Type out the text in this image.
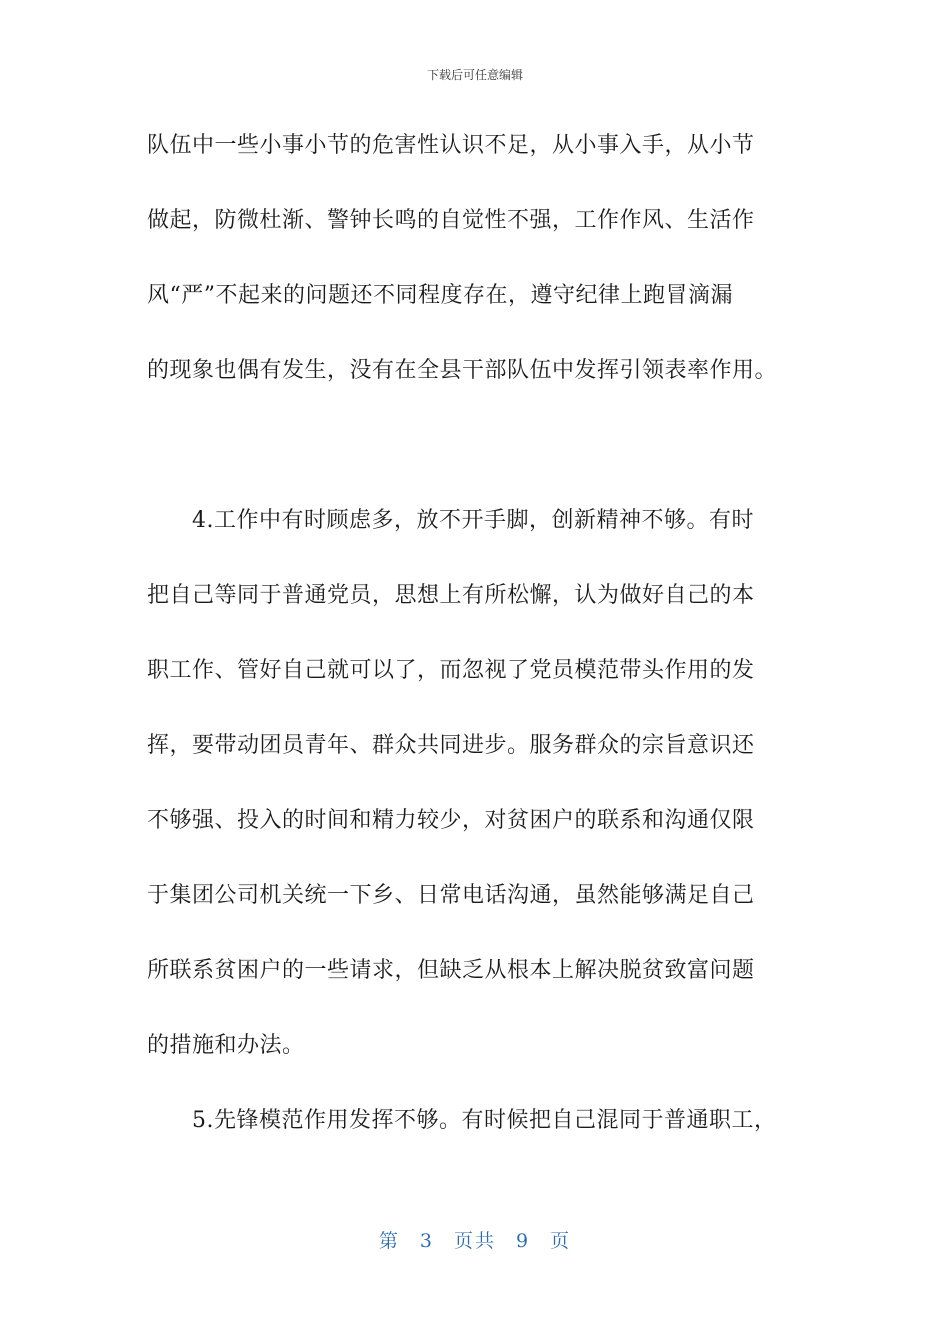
下载后可任意编辑
队伍中一些小事小节的危害性认识不足，从小事入手，从小节
做起，防微杜渐、警钟长鸣的自觉性不强，工作作风、生活作
风“严”不起来的问题还不同程度存在，遵守纪律上跑冒滴漏
的现象也偶有发生，没有在全县干部队伍中发挥引领表率作用。
4.工作中有时顾虑多，放不开手脚，创新精神不够。有时
把自己等同于普通党员，思想上有所松懈，认为做好自己的本
职工作、管好自己就可以了，而忽视了党员模范带头作用的发
挥，要带动团员青年、群众共同进步。服务群众的宗旨意识还
不够强、投入的时间和精力较少，对贫困户的联系和沟通仅限
于集团公司机关统一下乡、日常电话沟通，虽然能够满足自己
所联系贫困户的一些请求，但缺乏从根本上解决脱贫致富问题
的措施和办法。
5.先锋模范作用发挥不够。有时候把自己混同于普通职工，
第 3 页共 9 页
